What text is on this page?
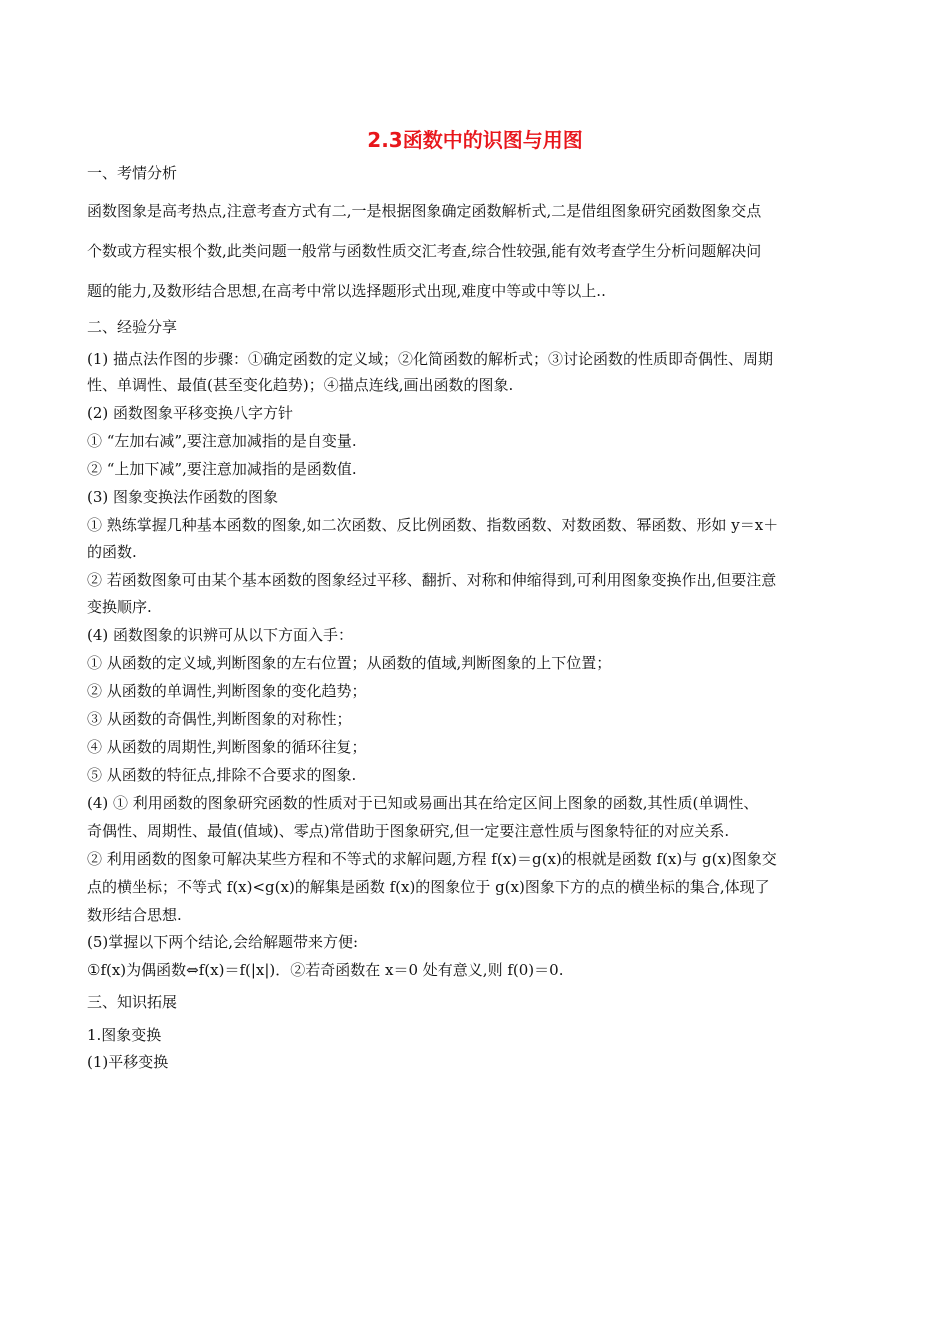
2.3函数中的识图与用图
一、考情分析
函数图象是高考热点,注意考查方式有二,一是根据图象确定函数解析式,二是借组图象研究函数图象交点
个数或方程实根个数,此类问题一般常与函数性质交汇考查,综合性较强,能有效考查学生分析问题解决问
题的能力,及数形结合思想,在高考中常以选择题形式出现,难度中等或中等以上..
二、经验分享
(1) 描点法作图的步骤：①确定函数的定义域；②化简函数的解析式；③讨论函数的性质即奇偶性、周期
性、单调性、最值(甚至变化趋势)；④描点连线,画出函数的图象.
(2) 函数图象平移变换八字方针
① “左加右减”,要注意加减指的是自变量.
② “上加下减”,要注意加减指的是函数值.
(3) 图象变换法作函数的图象
① 熟练掌握几种基本函数的图象,如二次函数、反比例函数、指数函数、对数函数、幂函数、形如 y＝x＋
的函数.
② 若函数图象可由某个基本函数的图象经过平移、翻折、对称和伸缩得到,可利用图象变换作出,但要注意
变换顺序.
(4) 函数图象的识辨可从以下方面入手：
① 从函数的定义域,判断图象的左右位置；从函数的值域,判断图象的上下位置；
② 从函数的单调性,判断图象的变化趋势；
③ 从函数的奇偶性,判断图象的对称性；
④ 从函数的周期性,判断图象的循环往复；
⑤ 从函数的特征点,排除不合要求的图象.
(4) ① 利用函数的图象研究函数的性质对于已知或易画出其在给定区间上图象的函数,其性质(单调性、
奇偶性、周期性、最值(值域)、零点)常借助于图象研究,但一定要注意性质与图象特征的对应关系.
② 利用函数的图象可解决某些方程和不等式的求解问题,方程 f(x)＝g(x)的根就是函数 f(x)与 g(x)图象交
点的横坐标；不等式 f(x)<g(x)的解集是函数 f(x)的图象位于 g(x)图象下方的点的横坐标的集合,体现了
数形结合思想.
(5)掌握以下两个结论,会给解题带来方便:
①f(x)为偶函数⇔f(x)＝f(|x|)．②若奇函数在 x＝0 处有意义,则 f(0)＝0.
三、知识拓展
1.图象变换
(1)平移变换
